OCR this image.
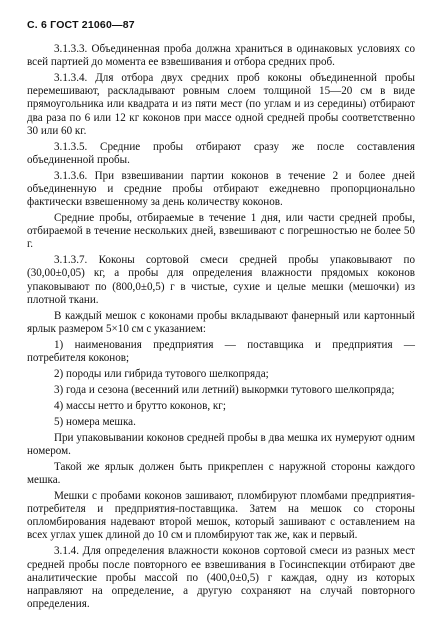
С. 6 ГОСТ 21060—87

3.1.3.3. Объединенная проба должна храниться в одинаковых условиях со всей партией до момента ее взвешивания и отбора средних проб.

3.1.3.4. Для отбора двух средних проб коконы объединенной пробы перемешивают, раскладывают ровным слоем толщиной 15—20 см в виде прямоугольника или квадрата и из пяти мест (по углам и из середины) отбирают два раза по 6 или 12 кг коконов при массе одной средней пробы соответственно 30 или 60 кг.

3.1.3.5. Средние пробы отбирают сразу же после составления объединенной пробы.

3.1.3.6. При взвешивании партии коконов в течение 2 и более дней объединенную и средние пробы отбирают ежедневно пропорционально фактически взвешенному за день количеству коконов.

Средние пробы, отбираемые в течение 1 дня, или части средней пробы, отбираемой в течение нескольких дней, взвешивают с погрешностью не более 50 г.

3.1.3.7. Коконы сортовой смеси средней пробы упаковывают по (30,00±0,05) кг, а пробы для определения влажности прядомых коконов упаковывают по (800,0±0,5) г в чистые, сухие и целые мешки (мешочки) из плотной ткани.

В каждый мешок с коконами пробы вкладывают фанерный или картонный ярлык размером 5×10 см с указанием:

1) наименования предприятия — поставщика и предприятия — потребителя коконов;

2) породы или гибрида тутового шелкопряда;

3) года и сезона (весенний или летний) выкормки тутового шелкопряда;

4) массы нетто и брутто коконов, кг;

5) номера мешка.

При упаковывании коконов средней пробы в два мешка их нумеруют одним номером.

Такой же ярлык должен быть прикреплен с наружной стороны каждого мешка.

Мешки с пробами коконов зашивают, пломбируют пломбами предприятия-потребителя и предприятия-поставщика. Затем на мешок со стороны опломбирования надевают второй мешок, который зашивают с оставлением на всех углах ушек длиной до 10 см и пломбируют так же, как и первый.

3.1.4. Для определения влажности коконов сортовой смеси из разных мест средней пробы после повторного ее взвешивания в Госинспекции отбирают две аналитические пробы массой по (400,0±0,5) г каждая, одну из которых направляют на определение, а другую сохраняют на случай повторного определения.
